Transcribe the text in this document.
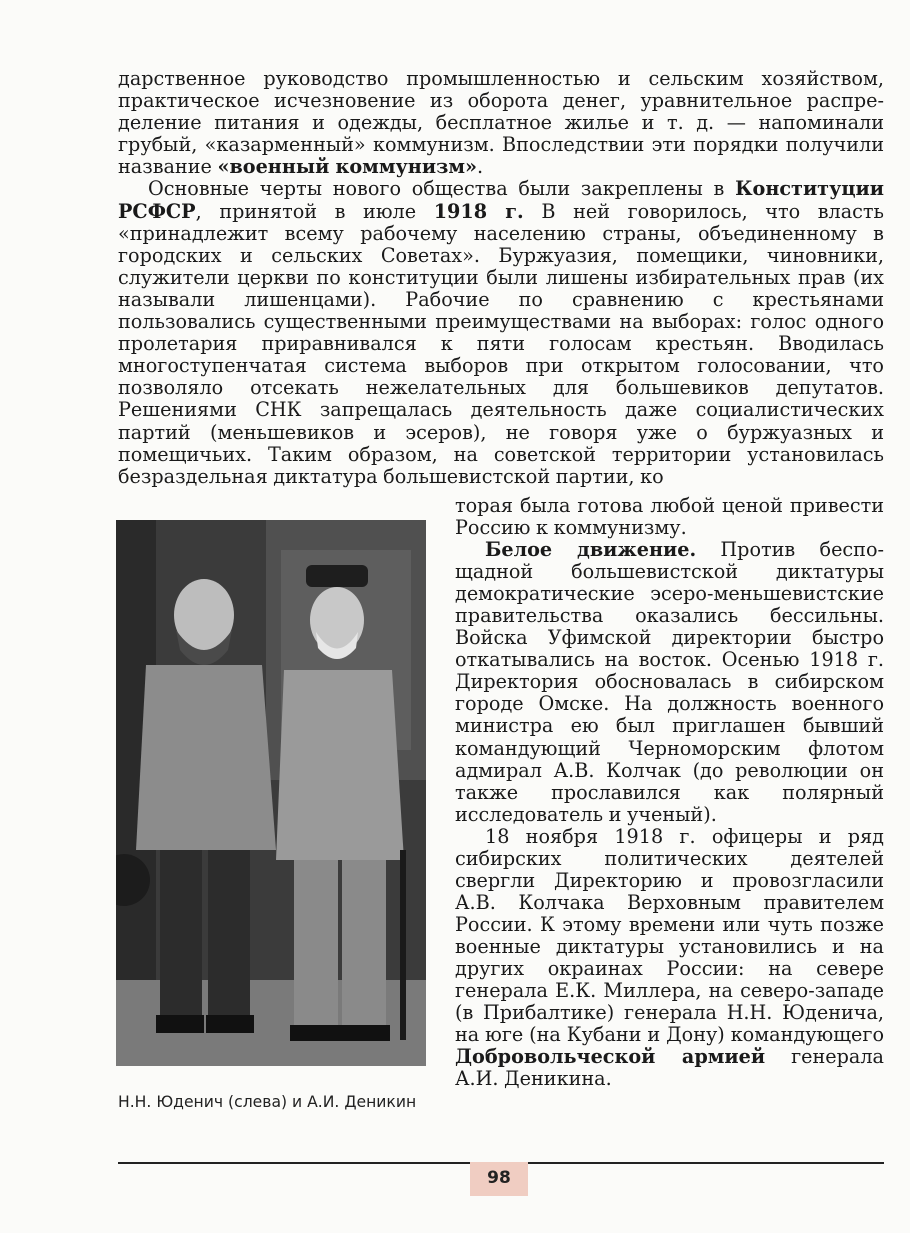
дарственное руководство промышленностью и сельским хозяйством, практическое исчезновение из оборота денег, уравнительное распределение питания и одежды, бесплатное жилье и т. д. — напоминали грубый, «казарменный» коммунизм. Впоследствии эти порядки получили название «военный коммунизм».

Основные черты нового общества были закреплены в Конституции РСФСР, принятой в июле 1918 г. В ней говорилось, что власть «принадлежит всему рабочему населению страны, объединенному в городских и сельских Советах». Буржуазия, помещики, чиновники, служители церкви по конституции были лишены избирательных прав (их называли лишенцами). Рабочие по сравнению с крестьянами пользовались существенными преимуществами на выборах: голос одного пролетария приравнивался к пяти голосам крестьян. Вводилась многоступенчатая система выборов при открытом голосовании, что позволяло отсекать нежелательных для большевиков депутатов. Решениями СНК запрещалась деятельность даже социалистических партий (меньшевиков и эсеров), не говоря уже о буржуазных и помещичьих. Таким образом, на советской территории установилась безраздельная диктатура большевистской партии, ко

Н.Н. Юденич (слева) и А.И. Деникин

торая была готова любой ценой привести Россию к коммунизму.

Белое движение. Против беспощадной большевистской диктатуры демократические эсеро-меньшевистские правительства оказались бессильны. Войска Уфимской директории быстро откатывались на восток. Осенью 1918 г. Директория обосновалась в сибирском городе Омске. На должность военного министра ею был приглашен бывший командующий Черноморским флотом адмирал А.В. Колчак (до революции он также прославился как полярный исследователь и ученый).

18 ноября 1918 г. офицеры и ряд сибирских политических деятелей свергли Директорию и провозгласили А.В. Колчака Верховным правителем России. К этому времени или чуть позже военные диктатуры установились и на других окраинах России: на севере генерала Е.К. Миллера, на северо-западе (в Прибалтике) генерала Н.Н. Юденича, на юге (на Кубани и Дону) командующего Добровольческой армией генерала А.И. Деникина.

98
